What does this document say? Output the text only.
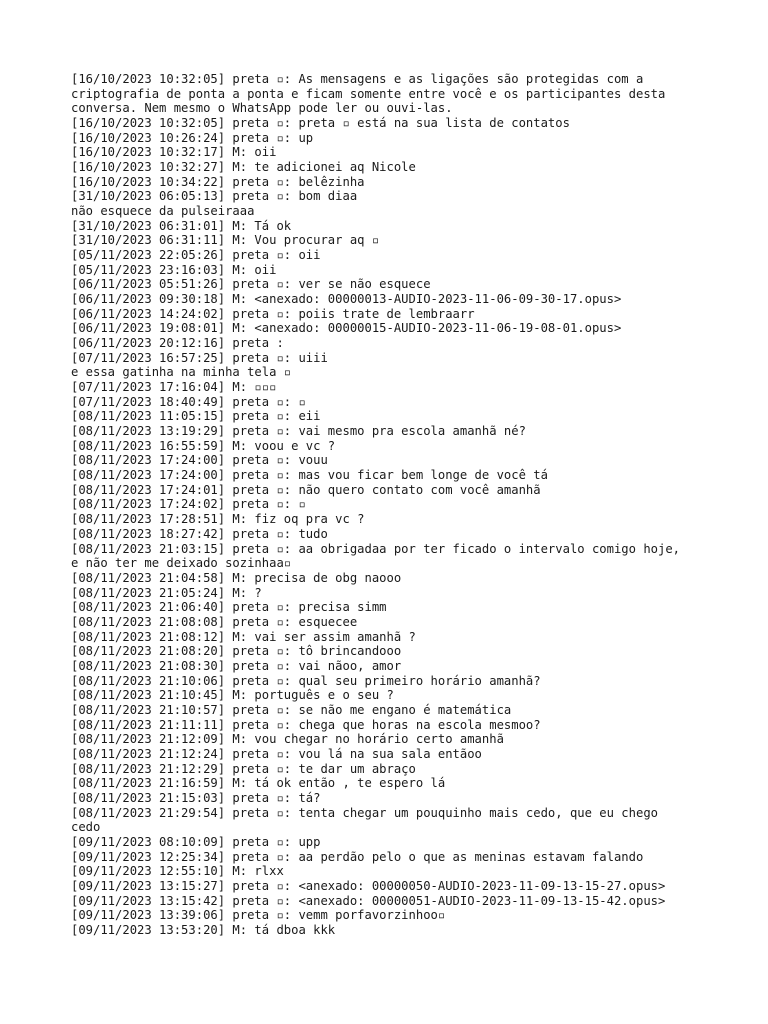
[16/10/2023 10:32:05] preta ▫: As mensagens e as ligações são protegidas com a
criptografia de ponta a ponta e ficam somente entre você e os participantes desta
conversa. Nem mesmo o WhatsApp pode ler ou ouvi-las.
[16/10/2023 10:32:05] preta ▫: preta ▫ está na sua lista de contatos
[16/10/2023 10:26:24] preta ▫: up
[16/10/2023 10:32:17] M: oii
[16/10/2023 10:32:27] M: te adicionei aq Nicole
[16/10/2023 10:34:22] preta ▫: belêzinha
[31/10/2023 06:05:13] preta ▫: bom diaa
não esquece da pulseiraaa
[31/10/2023 06:31:01] M: Tá ok
[31/10/2023 06:31:11] M: Vou procurar aq ▫
[05/11/2023 22:05:26] preta ▫: oii
[05/11/2023 23:16:03] M: oii
[06/11/2023 05:51:26] preta ▫: ver se não esquece
[06/11/2023 09:30:18] M: <anexado: 00000013-AUDIO-2023-11-06-09-30-17.opus>
[06/11/2023 14:24:02] preta ▫: poiis trate de lembraarr
[06/11/2023 19:08:01] M: <anexado: 00000015-AUDIO-2023-11-06-19-08-01.opus>
[06/11/2023 20:12:16] preta :
[07/11/2023 16:57:25] preta ▫: uiii
e essa gatinha na minha tela ▫
[07/11/2023 17:16:04] M: ▫▫▫
[07/11/2023 18:40:49] preta ▫: ▫
[08/11/2023 11:05:15] preta ▫: eii
[08/11/2023 13:19:29] preta ▫: vai mesmo pra escola amanhã né?
[08/11/2023 16:55:59] M: voou e vc ?
[08/11/2023 17:24:00] preta ▫: vouu
[08/11/2023 17:24:00] preta ▫: mas vou ficar bem longe de você tá
[08/11/2023 17:24:01] preta ▫: não quero contato com você amanhã
[08/11/2023 17:24:02] preta ▫: ▫
[08/11/2023 17:28:51] M: fiz oq pra vc ?
[08/11/2023 18:27:42] preta ▫: tudo
[08/11/2023 21:03:15] preta ▫: aa obrigadaa por ter ficado o intervalo comigo hoje,
e não ter me deixado sozinhaa▫
[08/11/2023 21:04:58] M: precisa de obg naooo
[08/11/2023 21:05:24] M: ?
[08/11/2023 21:06:40] preta ▫: precisa simm
[08/11/2023 21:08:08] preta ▫: esquecee
[08/11/2023 21:08:12] M: vai ser assim amanhã ?
[08/11/2023 21:08:20] preta ▫: tô brincandooo
[08/11/2023 21:08:30] preta ▫: vai nãoo, amor
[08/11/2023 21:10:06] preta ▫: qual seu primeiro horário amanhã?
[08/11/2023 21:10:45] M: português e o seu ?
[08/11/2023 21:10:57] preta ▫: se não me engano é matemática
[08/11/2023 21:11:11] preta ▫: chega que horas na escola mesmoo?
[08/11/2023 21:12:09] M: vou chegar no horário certo amanhã
[08/11/2023 21:12:24] preta ▫: vou lá na sua sala entãoo
[08/11/2023 21:12:29] preta ▫: te dar um abraço
[08/11/2023 21:16:59] M: tá ok então , te espero lá
[08/11/2023 21:15:03] preta ▫: tá?
[08/11/2023 21:29:54] preta ▫: tenta chegar um pouquinho mais cedo, que eu chego
cedo
[09/11/2023 08:10:09] preta ▫: upp
[09/11/2023 12:25:34] preta ▫: aa perdão pelo o que as meninas estavam falando
[09/11/2023 12:55:10] M: rlxx
[09/11/2023 13:15:27] preta ▫: <anexado: 00000050-AUDIO-2023-11-09-13-15-27.opus>
[09/11/2023 13:15:42] preta ▫: <anexado: 00000051-AUDIO-2023-11-09-13-15-42.opus>
[09/11/2023 13:39:06] preta ▫: vemm porfavorzinhoo▫
[09/11/2023 13:53:20] M: tá dboa kkk
